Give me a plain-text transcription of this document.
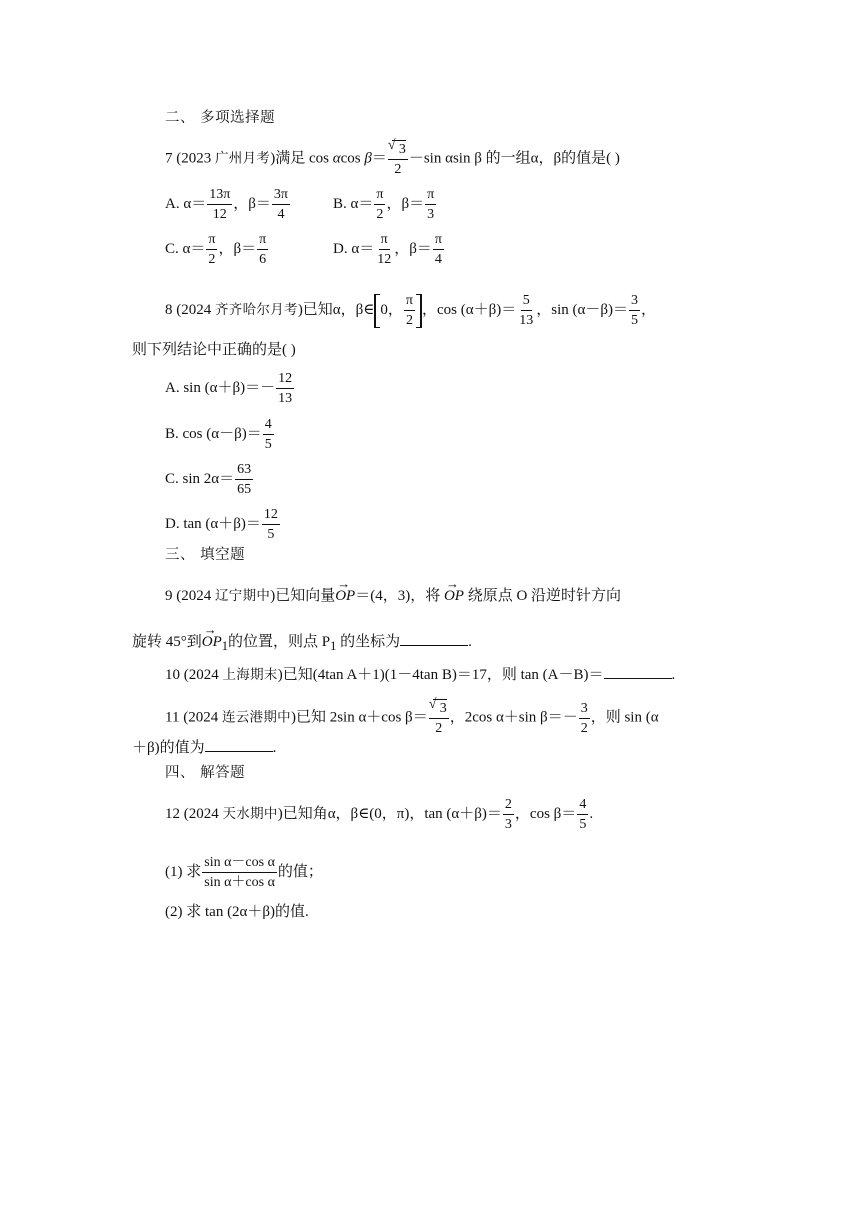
二、 多项选择题
7 (2023 广州月考)满足 cos αcos β＝ √ $\frac{3}{2} -\sin$ αsin β 的一组α，β的值是( )
A. $\alpha= \frac{13\pi}{12}$ ，$\beta= \frac{3\pi}{4}$	B. $\alpha= \frac{\pi}{2}$ ，$\beta= \frac{\pi}{3}$
C. $\alpha= \frac{\pi}{2}$ ，$\beta= \frac{\pi}{6}$	D. $\alpha= \frac{\pi}{12}$ ，$\beta= \frac{\pi}{4}$
8 (2024 齐齐哈尔月考)已知α，β∈ 0， $\frac{\pi}{2}$ ，$\cos (\alpha+\beta)= \frac{5}{13}$ ，$\sin (\alpha-\beta)= \frac{3}{5}$ ，
则下列结论中正确的是( )
A. $\sin (\alpha+\beta)=- \frac{12}{13}$
B. $\cos (\alpha-\beta)= \frac{4}{5}$
C. $\sin 2\alpha= \frac{63}{65}$
D. $\tan (\alpha+\beta)= \frac{12}{5}$
三、 填空题
9 (2024 辽宁期中)已知向量→ OP＝(4，3)，将 → OP 绕原点 O 沿逆时针方向
旋转 45°到→ $OP_1$的位置，则点 $P_1$ 的坐标为	.
10 (2024 上海期末)已知(4tan A＋1)(1－4tan B)＝17，则 tan (A－B)＝	.
11 (2024 连云港期中)已知 2sin α＋cos β＝ √ $\frac{3}{2}$ ，2cos α＋sin $\beta=- \frac{3}{2}$ ，则 sin (α
＋β)的值为	.
四、 解答题
12 (2024 天水期中)已知角α，β∈(0，π)，$\tan (\alpha+\beta)= \frac{2}{3}$ ，$\cos \beta= \frac{4}{5}$ .
(1) 求 $\frac{\text{sin α－cos α}}{\text{sin α＋cos α}}$ 的值；
(2) 求 tan (2α＋β)的值.
